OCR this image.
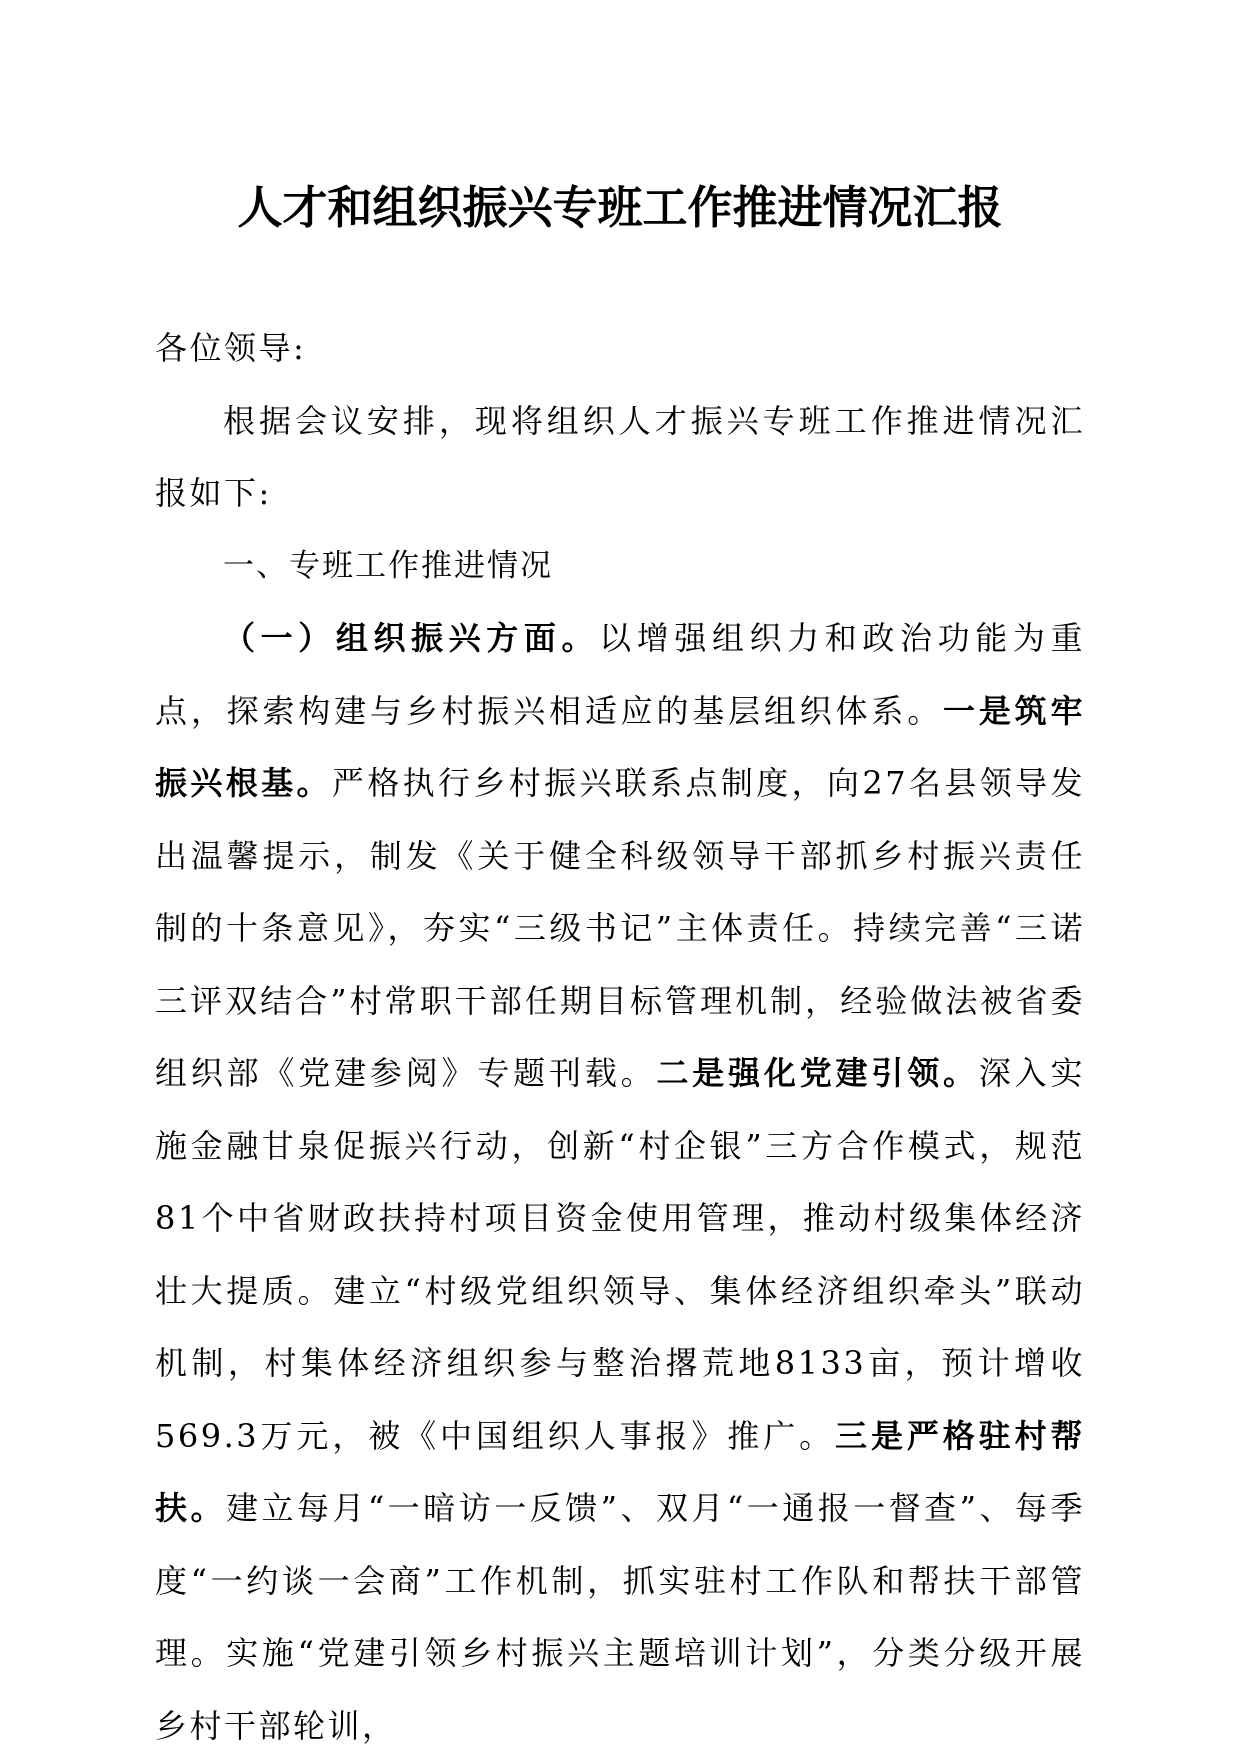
人才和组织振兴专班工作推进情况汇报

各位领导:

根据会议安排，现将组织人才振兴专班工作推进情况汇报如下:

一、专班工作推进情况

（一）组织振兴方面。以增强组织力和政治功能为重点，探索构建与乡村振兴相适应的基层组织体系。一是筑牢振兴根基。严格执行乡村振兴联系点制度，向27名县领导发出温馨提示，制发《关于健全科级领导干部抓乡村振兴责任制的十条意见》，夯实“三级书记”主体责任。持续完善“三诺三评双结合”村常职干部任期目标管理机制，经验做法被省委组织部《党建参阅》专题刊载。二是强化党建引领。深入实施金融甘泉促振兴行动，创新“村企银”三方合作模式，规范81个中省财政扶持村项目资金使用管理，推动村级集体经济壮大提质。建立“村级党组织领导、集体经济组织牵头”联动机制，村集体经济组织参与整治撂荒地8133亩，预计增收569.3万元，被《中国组织人事报》推广。三是严格驻村帮扶。建立每月“一暗访一反馈”、双月“一通报一督查”、每季度“一约谈一会商”工作机制，抓实驻村工作队和帮扶干部管理。实施“党建引领乡村振兴主题培训计划”，分类分级开展乡村干部轮训，
